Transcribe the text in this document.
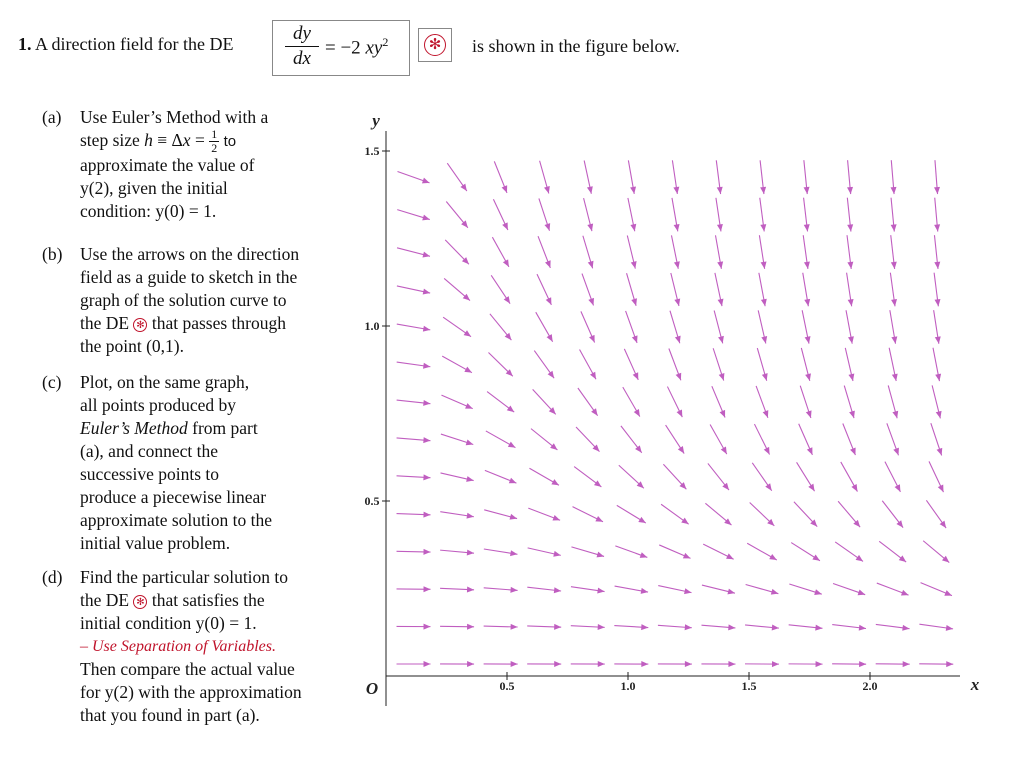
1. A direction field for the DE	dy
dx
= −2 $xy^2$	✻ is shown in the figure below.
(a) Use Euler’s Method with a
step size $h \equiv \Delta x = \frac{1}{2}$ to
approximate the value of
y(2), given the initial
condition: y(0) = 1.
(b) Use the arrows on the direction
field as a guide to sketch in the
graph of the solution curve to
the DE ✻ that passes through
the point (0,1).
(c) Plot, on the same graph,
all points produced by
Euler’s Method from part
(a), and connect the
successive points to
produce a piecewise linear
approximate solution to the
initial value problem.
(d) Find the particular solution to
the DE ✻ that satisfies the
initial condition y(0) = 1.
– Use Separation of Variables.
Then compare the actual value
for y(2) with the approximation
that you found in part (a).
0.5	1.0	1.5	2.0
0.5
1.0
1.5
y
x
O
